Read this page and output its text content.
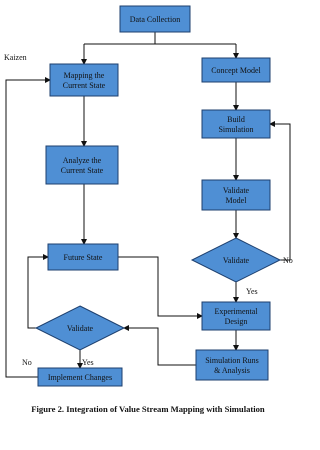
Data Collection
Mapping the
Current State
Concept Model
Build
Simulation
Analyze the
Current State
Validate
Model
Validate
Future State
Experimental
Design
Validate
Simulation Runs
& Analysis
Implement Changes
Kaizen
No
Yes
No	Yes
Figure 2. Integration of Value Stream Mapping with Simulation
